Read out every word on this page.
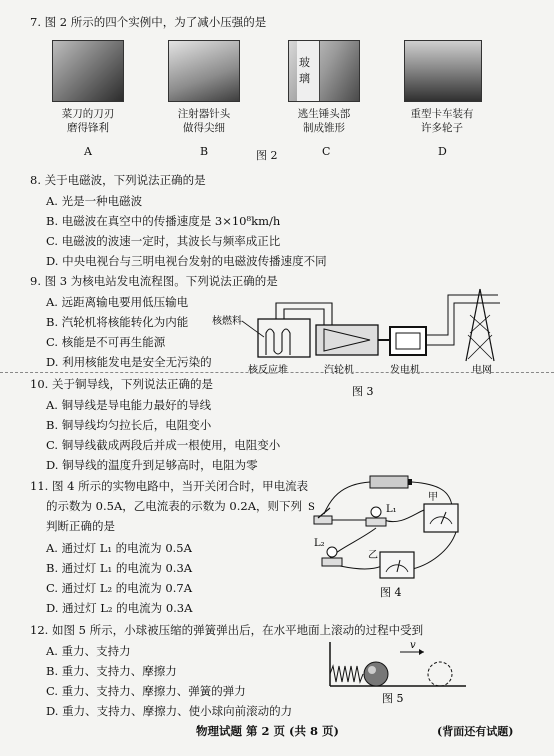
7. 图 2 所示的四个实例中，为了减小压强的是
玻
璃
菜刀的刀刃
磨得锋利
注射器针头
做得尖细
逃生锤头部
制成锥形
重型卡车装有
许多轮子
A	B	图 2	C	D
8. 关于电磁波，下列说法正确的是
A. 光是一种电磁波
B. 电磁波在真空中的传播速度是 3×10⁸km/h
C. 电磁波的波速一定时，其波长与频率成正比
D. 中央电视台与三明电视台发射的电磁波传播速度不同
9. 图 3 为核电站发电流程图。下列说法正确的是
A. 远距离输电要用低压输电
B. 汽轮机将核能转化为内能
C. 核能是不可再生能源
D. 利用核能发电是安全无污染的
核燃料
核反应堆	汽轮机	发电机	电网
图 3
10. 关于铜导线，下列说法正确的是
A. 铜导线是导电能力最好的导线
B. 铜导线均匀拉长后，电阻变小
C. 铜导线截成两段后并成一根使用，电阻变小
D. 铜导线的温度升到足够高时，电阻为零
11. 图 4 所示的实物电路中，当开关闭合时，甲电流表
的示数为 0.5A，乙电流表的示数为 0.2A，则下列
判断正确的是
A. 通过灯 L₁ 的电流为 0.5A
B. 通过灯 L₁ 的电流为 0.3A
C. 通过灯 L₂ 的电流为 0.7A
D. 通过灯 L₂ 的电流为 0.3A
S	L₁
甲
L₂
乙
图 4
12. 如图 5 所示，小球被压缩的弹簧弹出后，在水平地面上滚动的过程中受到
A. 重力、支持力
B. 重力、支持力、摩擦力
C. 重力、支持力、摩擦力、弹簧的弹力
D. 重力、支持力、摩擦力、使小球向前滚动的力
v
图 5
物理试题 第 2 页 (共 8 页)	(背面还有试题)
